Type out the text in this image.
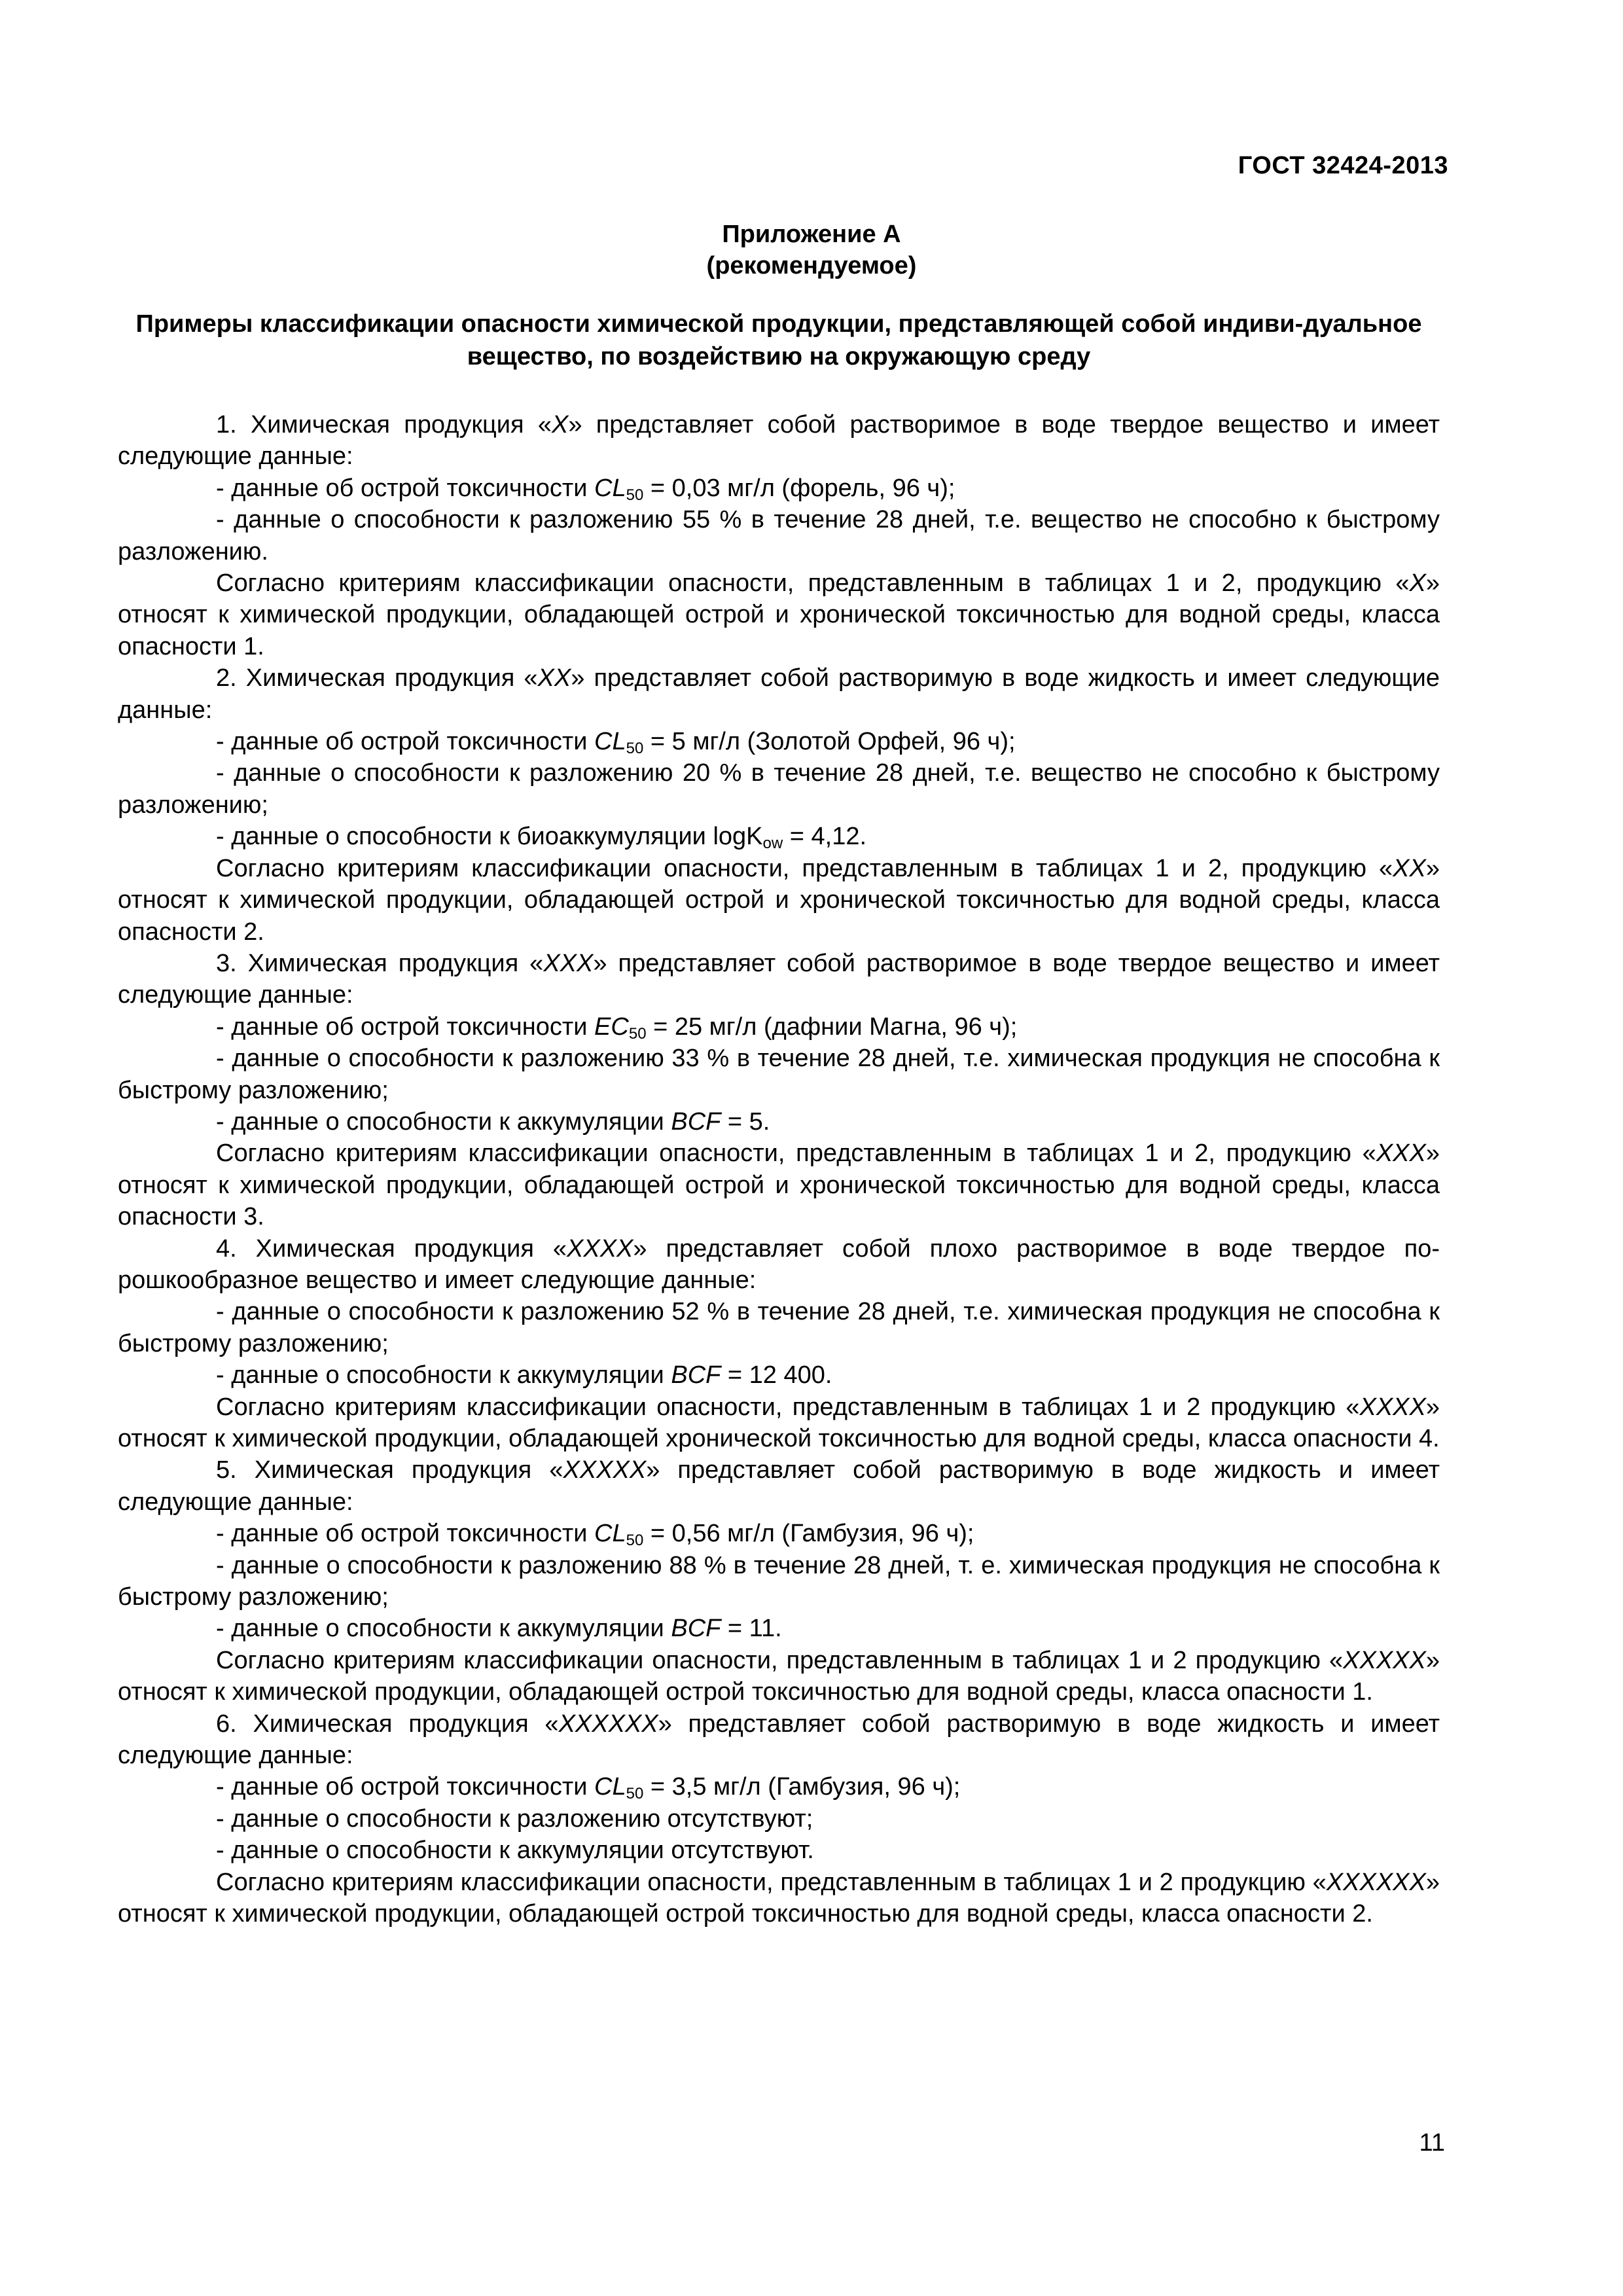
ГОСТ 32424-2013
Приложение А
(рекомендуемое)
Примеры классификации опасности химической продукции, представляющей собой индиви-дуальное вещество, по воздействию на окружающую среду

1. Химическая продукция «X» представляет собой растворимое в воде твердое вещество и имеет следующие данные:

- данные об острой токсичности $CL_{50} = 0,03$ мг/л (форель, 96 ч);

- данные о способности к разложению 55 % в течение 28 дней, т.е. вещество не способно к быстрому разложению.

Согласно критериям классификации опасности, представленным в таблицах 1 и 2, продукцию «X» относят к химической продукции, обладающей острой и хронической токсичностью для водной среды, класса опасности 1.

2. Химическая продукция «XX» представляет собой растворимую в воде жидкость и имеет следующие данные:

- данные об острой токсичности $CL_{50} = 5$ мг/л (Золотой Орфей, 96 ч);

- данные о способности к разложению 20 % в течение 28 дней, т.е. вещество не способно к быстрому разложению;

- данные о способности к биоаккумуляции logK$_{ow}$ = 4,12.

Согласно критериям классификации опасности, представленным в таблицах 1 и 2, продукцию «XX» относят к химической продукции, обладающей острой и хронической токсичностью для водной среды, класса опасности 2.

3. Химическая продукция «XXX» представляет собой растворимое в воде твердое вещество и имеет следующие данные:

- данные об острой токсичности $EC_{50} = 25$ мг/л (дафнии Магна, 96 ч);

- данные о способности к разложению 33 % в течение 28 дней, т.е. химическая продукция не способна к быстрому разложению;

- данные о способности к аккумуляции BCF = 5.

Согласно критериям классификации опасности, представленным в таблицах 1 и 2, продукцию «XXX» относят к химической продукции, обладающей острой и хронической токсичностью для водной среды, класса опасности 3.

4. Химическая продукция «XXXX» представляет собой плохо растворимое в воде твердое по-рошкообразное вещество и имеет следующие данные:

- данные о способности к разложению 52 % в течение 28 дней, т.е. химическая продукция не способна к быстрому разложению;

- данные о способности к аккумуляции BCF = 12 400.

Согласно критериям классификации опасности, представленным в таблицах 1 и 2 продукцию «XXXX» относят к химической продукции, обладающей хронической токсичностью для водной среды, класса опасности 4.

5. Химическая продукция «XXXXX» представляет собой растворимую в воде жидкость и имеет следующие данные:

- данные об острой токсичности $CL_{50} = 0,56$ мг/л (Гамбузия, 96 ч);

- данные о способности к разложению 88 % в течение 28 дней, т. е. химическая продукция не способна к быстрому разложению;

- данные о способности к аккумуляции BCF = 11.

Согласно критериям классификации опасности, представленным в таблицах 1 и 2 продукцию «XXXXX» относят к химической продукции, обладающей острой токсичностью для водной среды, класса опасности 1.

6. Химическая продукция «XXXXXX» представляет собой растворимую в воде жидкость и имеет следующие данные:

- данные об острой токсичности $CL_{50} = 3,5$ мг/л (Гамбузия, 96 ч);

- данные о способности к разложению отсутствуют;

- данные о способности к аккумуляции отсутствуют.

Согласно критериям классификации опасности, представленным в таблицах 1 и 2 продукцию «XXXXXX» относят к химической продукции, обладающей острой токсичностью для водной среды, класса опасности 2.

11
